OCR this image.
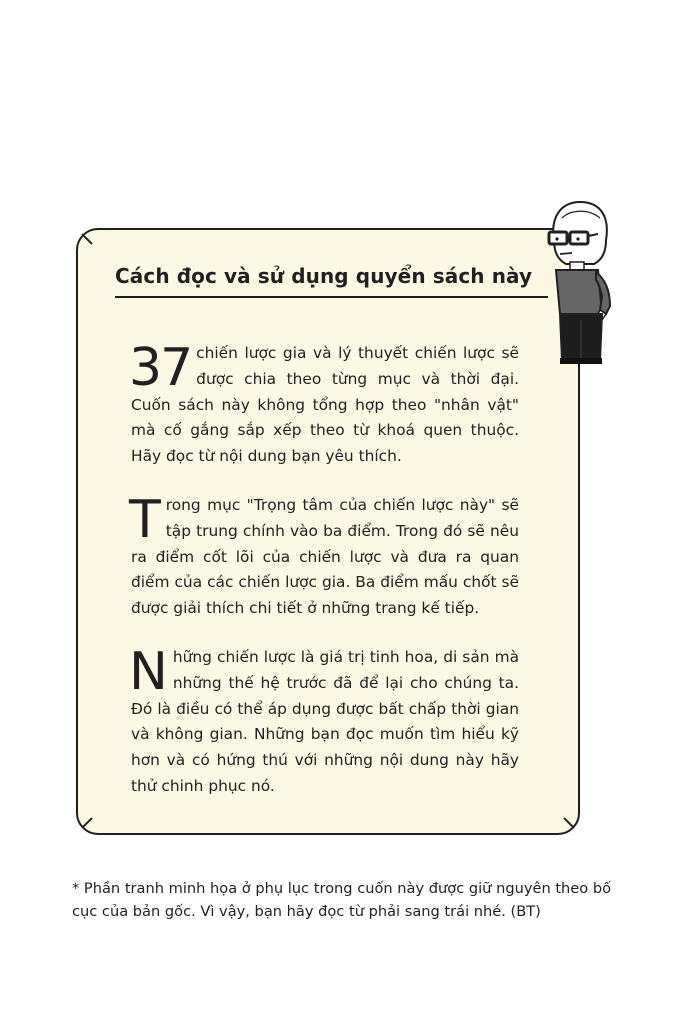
Cách đọc và sử dụng quyển sách này

37 chiến lược gia và lý thuyết chiến lược sẽ được chia theo từng mục và thời đại. Cuốn sách này không tổng hợp theo "nhân vật" mà cố gắng sắp xếp theo từ khoá quen thuộc. Hãy đọc từ nội dung bạn yêu thích.

Trong mục "Trọng tâm của chiến lược này" sẽ tập trung chính vào ba điểm. Trong đó sẽ nêu ra điểm cốt lõi của chiến lược và đưa ra quan điểm của các chiến lược gia. Ba điểm mấu chốt sẽ được giải thích chi tiết ở những trang kế tiếp.

Những chiến lược là giá trị tinh hoa, di sản mà những thế hệ trước đã để lại cho chúng ta. Đó là điều có thể áp dụng được bất chấp thời gian và không gian. Những bạn đọc muốn tìm hiểu kỹ hơn và có hứng thú với những nội dung này hãy thử chinh phục nó.

* Phần tranh minh họa ở phụ lục trong cuốn này được giữ nguyên theo bố cục của bản gốc. Vì vậy, bạn hãy đọc từ phải sang trái nhé. (BT)
